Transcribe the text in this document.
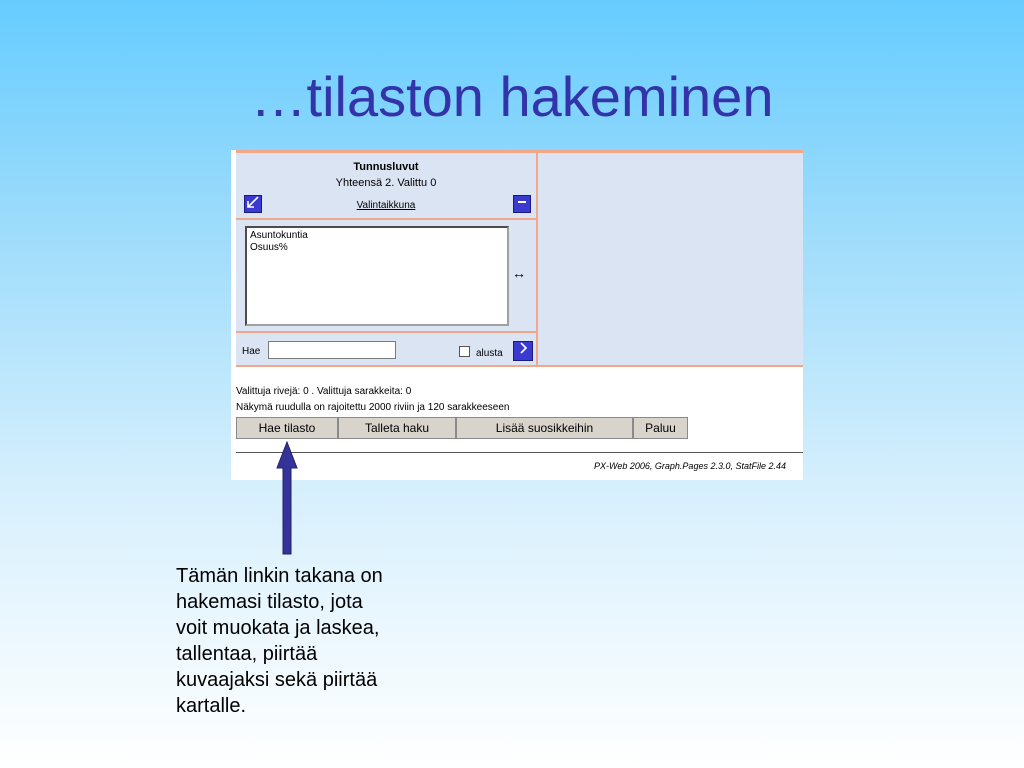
…tilaston hakeminen
Tunnusluvut
Yhteensä 2. Valittu 0
Valintaikkuna
Asuntokuntia
Osuus%
↔
Hae	alusta
Valittuja rivejä: 0 . Valittuja sarakkeita: 0
Näkymä ruudulla on rajoitettu 2000 riviin ja 120 sarakkeeseen
Hae tilasto	Talleta haku	Lisää suosikkeihin	Paluu
PX-Web 2006, Graph.Pages 2.3.0, StatFile 2.44
Tämän linkin takana on
hakemasi tilasto, jota
voit muokata ja laskea,
tallentaa, piirtää
kuvaajaksi sekä piirtää
kartalle.
